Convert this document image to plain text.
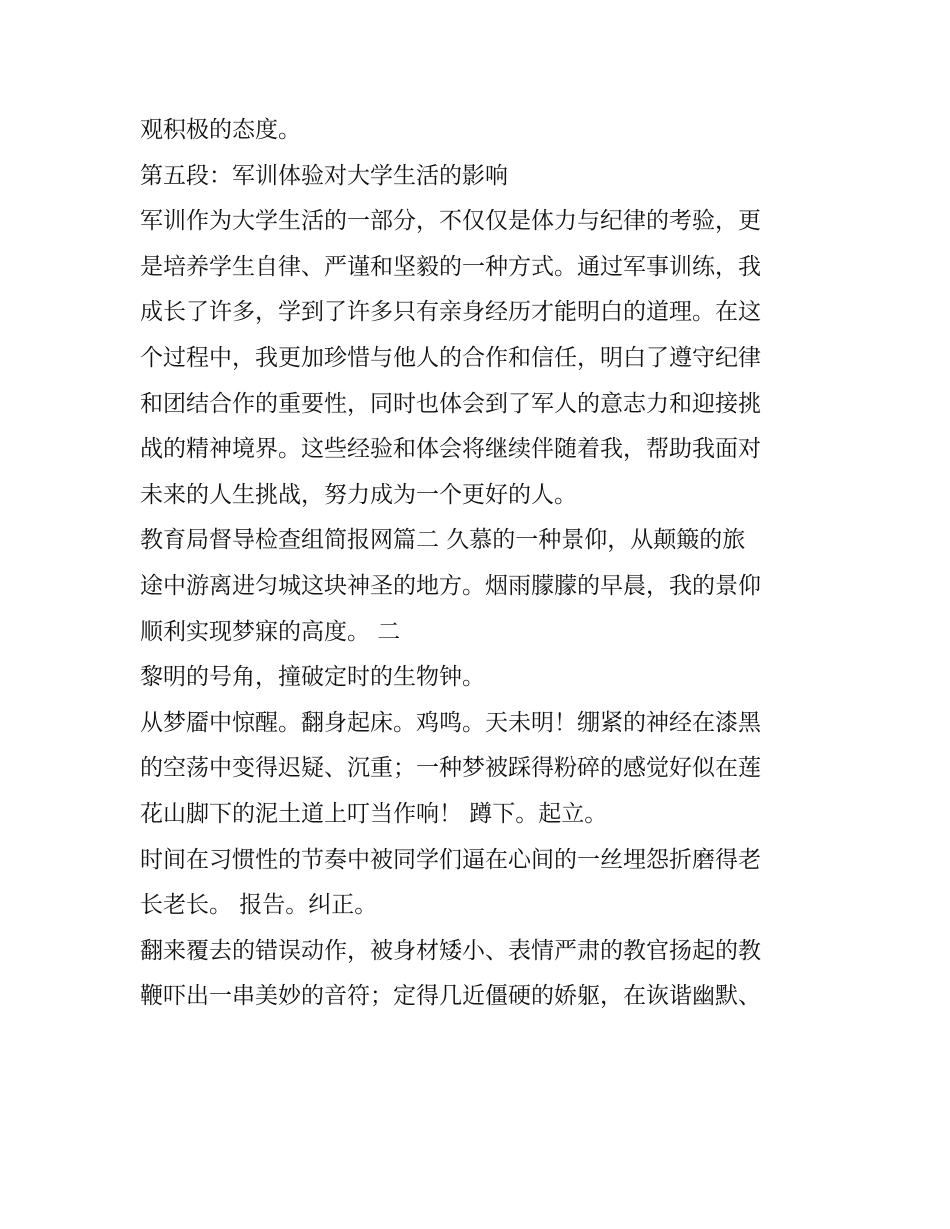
观积极的态度。
第五段：军训体验对大学生活的影响
军训作为大学生活的一部分，不仅仅是体力与纪律的考验，更
是培养学生自律、严谨和坚毅的一种方式。通过军事训练，我
成长了许多，学到了许多只有亲身经历才能明白的道理。在这
个过程中，我更加珍惜与他人的合作和信任，明白了遵守纪律
和团结合作的重要性，同时也体会到了军人的意志力和迎接挑
战的精神境界。这些经验和体会将继续伴随着我，帮助我面对
未来的人生挑战，努力成为一个更好的人。
教育局督导检查组简报网篇二 久慕的一种景仰，从颠簸的旅
途中游离进匀城这块神圣的地方。烟雨朦朦的早晨，我的景仰
顺利实现梦寐的高度。 二
黎明的号角，撞破定时的生物钟。
从梦靥中惊醒。翻身起床。鸡鸣。天未明！绷紧的神经在漆黑
的空荡中变得迟疑、沉重；一种梦被踩得粉碎的感觉好似在莲
花山脚下的泥土道上叮当作响！ 蹲下。起立。
时间在习惯性的节奏中被同学们逼在心间的一丝埋怨折磨得老
长老长。 报告。纠正。
翻来覆去的错误动作，被身材矮小、表情严肃的教官扬起的教
鞭吓出一串美妙的音符；定得几近僵硬的娇躯，在诙谐幽默、
